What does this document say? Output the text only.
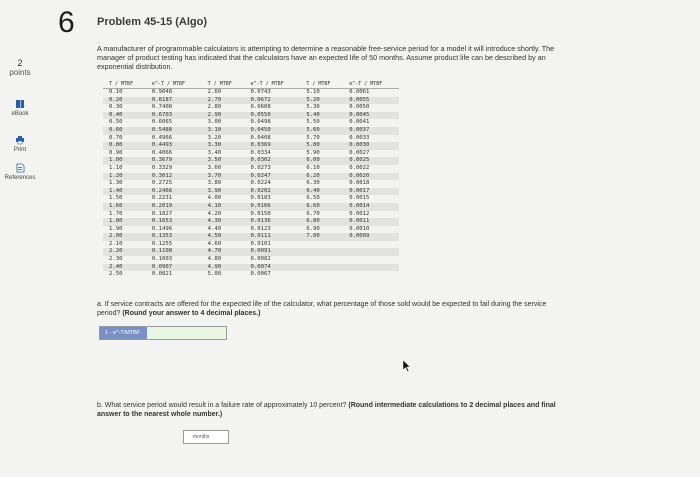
6 Problem 45-15 (Algo)
2
points
eBook
Print
References
A manufacturer of programmable calculators is attempting to determine a reasonable free-service period for a model it will introduce shortly. The manager of product testing has indicated that the calculators have an expected life of 50 months. Assume product life can be described by an exponential distribution.
T / MTBF	e^-T / MTBF	T / MTBF	e^-T / MTBF	T / MTBF	e^-T / MTBF
0.10	0.9048	2.60	0.0743	5.10	0.0061
0.20	0.8187	2.70	0.0672	5.20	0.0055
0.30	0.7408	2.80	0.0608	5.30	0.0050
0.40	0.6703	2.90	0.0550	5.40	0.0045
0.50	0.6065	3.00	0.0498	5.50	0.0041
0.60	0.5488	3.10	0.0450	5.60	0.0037
0.70	0.4966	3.20	0.0408	5.70	0.0033
0.80	0.4493	3.30	0.0369	5.80	0.0030
0.90	0.4066	3.40	0.0334	5.90	0.0027
1.00	0.3679	3.50	0.0302	6.00	0.0025
1.10	0.3329	3.60	0.0273	6.10	0.0022
1.20	0.3012	3.70	0.0247	6.20	0.0020
1.30	0.2725	3.80	0.0224	6.30	0.0018
1.40	0.2466	3.90	0.0202	6.40	0.0017
1.50	0.2231	4.00	0.0183	6.50	0.0015
1.60	0.2019	4.10	0.0166	6.60	0.0014
1.70	0.1827	4.20	0.0150	6.70	0.0012
1.80	0.1653	4.30	0.0136	6.80	0.0011
1.90	0.1496	4.40	0.0123	6.90	0.0010
2.00	0.1353	4.50	0.0111	7.00	0.0009
2.10	0.1255	4.60	0.0101		
2.20	0.1108	4.70	0.0091		
2.30	0.1003	4.80	0.0082		
2.40	0.0907	4.90	0.0074		
2.50	0.0821	5.00	0.0067		
a. If service contracts are offered for the expected life of the calculator, what percentage of those sold would be expected to fail during the service period? (Round your answer to 4 decimal places.)
1 - e^-T/MTBF
b. What service period would result in a failure rate of approximately 10 percent? (Round intermediate calculations to 2 decimal places and final answer to the nearest whole number.)
months
